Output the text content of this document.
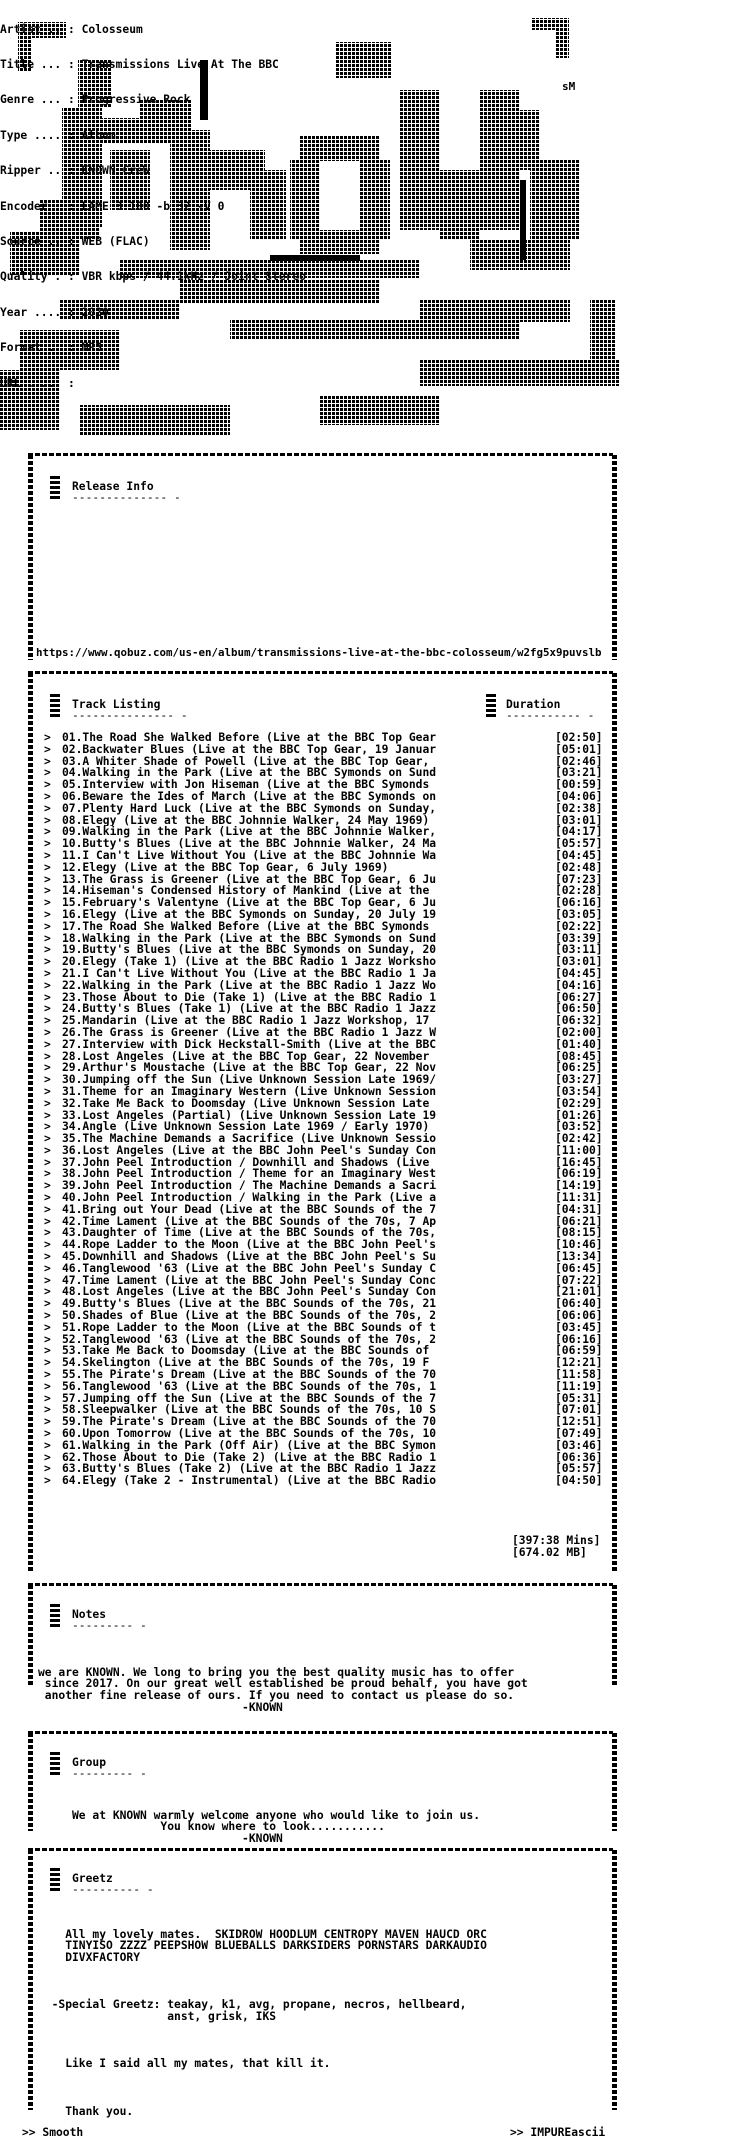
sM
Release Info
-------------- -

Artist .. : Colosseum

Title ... : Transmissions Live At The BBC

Genre ... : Progressive Rock

Type .... : Album

Ripper .. : KNOWN CreW

Encoder . : LAME 3.100 -b 32 -V 0

Source .. : WEB (FLAC)

Quality . : VBR kbps / 44.1kHz / Joint Stereo

Year .... : 2020

Format .. : MP3

URL ..... :

https://www.qobuz.com/us-en/album/transmissions-live-at-the-bbc-colosseum/w2fg5x9puvslb
Track Listing
--------------- -
Duration
----------- -
> 01.The Road She Walked Before (Live at the BBC Top Gear	[02:50]
> 02.Backwater Blues (Live at the BBC Top Gear, 19 Januar	[05:01]
> 03.A Whiter Shade of Powell (Live at the BBC Top Gear,	[02:46]
> 04.Walking in the Park (Live at the BBC Symonds on Sund	[03:21]
> 05.Interview with Jon Hiseman (Live at the BBC Symonds	[00:59]
> 06.Beware the Ides of March (Live at the BBC Symonds on	[04:06]
> 07.Plenty Hard Luck (Live at the BBC Symonds on Sunday,	[02:38]
> 08.Elegy (Live at the BBC Johnnie Walker, 24 May 1969)	[03:01]
> 09.Walking in the Park (Live at the BBC Johnnie Walker,	[04:17]
> 10.Butty's Blues (Live at the BBC Johnnie Walker, 24 Ma	[05:57]
> 11.I Can't Live Without You (Live at the BBC Johnnie Wa	[04:45]
> 12.Elegy (Live at the BBC Top Gear, 6 July 1969)	[02:48]
> 13.The Grass is Greener (Live at the BBC Top Gear, 6 Ju	[07:23]
> 14.Hiseman's Condensed History of Mankind (Live at the	[02:28]
> 15.February's Valentyne (Live at the BBC Top Gear, 6 Ju	[06:16]
> 16.Elegy (Live at the BBC Symonds on Sunday, 20 July 19	[03:05]
> 17.The Road She Walked Before (Live at the BBC Symonds	[02:22]
> 18.Walking in the Park (Live at the BBC Symonds on Sund	[03:39]
> 19.Butty's Blues (Live at the BBC Symonds on Sunday, 20	[03:11]
> 20.Elegy (Take 1) (Live at the BBC Radio 1 Jazz Worksho	[03:01]
> 21.I Can't Live Without You (Live at the BBC Radio 1 Ja	[04:45]
> 22.Walking in the Park (Live at the BBC Radio 1 Jazz Wo	[04:16]
> 23.Those About to Die (Take 1) (Live at the BBC Radio 1	[06:27]
> 24.Butty's Blues (Take 1) (Live at the BBC Radio 1 Jazz	[06:50]
> 25.Mandarin (Live at the BBC Radio 1 Jazz Workshop, 17	[06:32]
> 26.The Grass is Greener (Live at the BBC Radio 1 Jazz W	[02:00]
> 27.Interview with Dick Heckstall-Smith (Live at the BBC	[01:40]
> 28.Lost Angeles (Live at the BBC Top Gear, 22 November	[08:45]
> 29.Arthur's Moustache (Live at the BBC Top Gear, 22 Nov	[06:25]
> 30.Jumping off the Sun (Live Unknown Session Late 1969/	[03:27]
> 31.Theme for an Imaginary Western (Live Unknown Session	[03:54]
> 32.Take Me Back to Doomsday (Live Unknown Session Late	[02:29]
> 33.Lost Angeles (Partial) (Live Unknown Session Late 19	[01:26]
> 34.Angle (Live Unknown Session Late 1969 / Early 1970)	[03:52]
> 35.The Machine Demands a Sacrifice (Live Unknown Sessio	[02:42]
> 36.Lost Angeles (Live at the BBC John Peel's Sunday Con	[11:00]
> 37.John Peel Introduction / Downhill and Shadows (Live	[16:45]
> 38.John Peel Introduction / Theme for an Imaginary West	[06:19]
> 39.John Peel Introduction / The Machine Demands a Sacri	[14:19]
> 40.John Peel Introduction / Walking in the Park (Live a	[11:31]
> 41.Bring out Your Dead (Live at the BBC Sounds of the 7	[04:31]
> 42.Time Lament (Live at the BBC Sounds of the 70s, 7 Ap	[06:21]
> 43.Daughter of Time (Live at the BBC Sounds of the 70s,	[08:15]
> 44.Rope Ladder to the Moon (Live at the BBC John Peel's	[10:46]
> 45.Downhill and Shadows (Live at the BBC John Peel's Su	[13:34]
> 46.Tanglewood '63 (Live at the BBC John Peel's Sunday C	[06:45]
> 47.Time Lament (Live at the BBC John Peel's Sunday Conc	[07:22]
> 48.Lost Angeles (Live at the BBC John Peel's Sunday Con	[21:01]
> 49.Butty's Blues (Live at the BBC Sounds of the 70s, 21	[06:40]
> 50.Shades of Blue (Live at the BBC Sounds of the 70s, 2	[06:06]
> 51.Rope Ladder to the Moon (Live at the BBC Sounds of t	[03:45]
> 52.Tanglewood '63 (Live at the BBC Sounds of the 70s, 2	[06:16]
> 53.Take Me Back to Doomsday (Live at the BBC Sounds of	[06:59]
> 54.Skelington (Live at the BBC Sounds of the 70s, 19 F	[12:21]
> 55.The Pirate's Dream (Live at the BBC Sounds of the 70	[11:58]
> 56.Tanglewood '63 (Live at the BBC Sounds of the 70s, 1	[11:19]
> 57.Jumping off the Sun (Live at the BBC Sounds of the 7	[05:31]
> 58.Sleepwalker (Live at the BBC Sounds of the 70s, 10 S	[07:01]
> 59.The Pirate's Dream (Live at the BBC Sounds of the 70	[12:51]
> 60.Upon Tomorrow (Live at the BBC Sounds of the 70s, 10	[07:49]
> 61.Walking in the Park (Off Air) (Live at the BBC Symon	[03:46]
> 62.Those About to Die (Take 2) (Live at the BBC Radio 1	[06:36]
> 63.Butty's Blues (Take 2) (Live at the BBC Radio 1 Jazz	[05:57]
> 64.Elegy (Take 2 - Instrumental) (Live at the BBC Radio	[04:50]
[397:38 Mins]
[674.02 MB]
Notes
--------- -

we are KNOWN. We long to bring you the best quality music has to offer
since 2017. On our great well established be proud behalf, you have got
another fine release of ours. If you need to contact us please do so.
-KNOWN

Group
--------- -

We at KNOWN warmly welcome anyone who would like to join us.
You know where to look...........
-KNOWN

Greetz
---------- -

All my lovely mates.  SKIDROW HOODLUM CENTROPY MAVEN HAUCD ORC
TINYISO ZZZZ PEEPSHOW BLUEBALLS DARKSIDERS PORNSTARS DARKAUDIO
DIVXFACTORY

-Special Greetz: teakay, k1, avg, propane, necros, hellbeard,
anst, grisk, IKS

Like I said all my mates, that kill it.

Thank you.

>> Smooth	>> IMPUREascii
